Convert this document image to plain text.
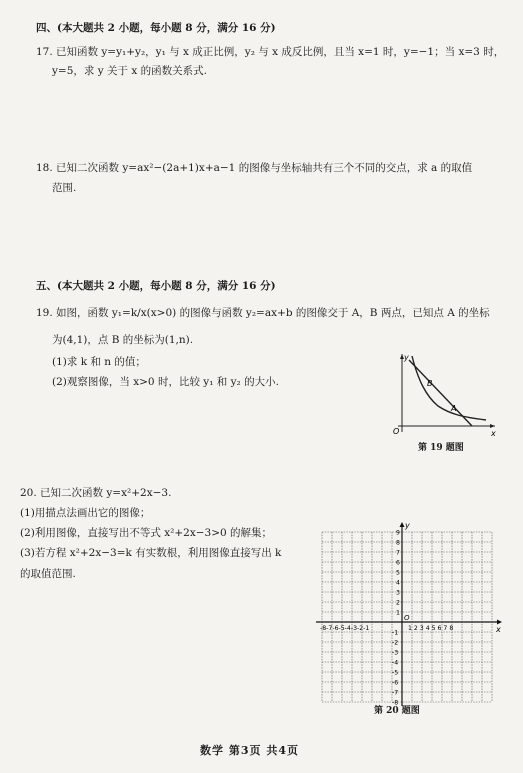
四、(本大题共 2 小题，每小题 8 分，满分 16 分)
17. 已知函数 y=y₁+y₂，y₁ 与 x 成正比例，y₂ 与 x 成反比例，且当 x=1 时，y=−1；当 x=3 时，
y=5，求 y 关于 x 的函数关系式.
18. 已知二次函数 y=ax²−(2a+1)x+a−1 的图像与坐标轴共有三个不同的交点，求 a 的取值
范围.
五、(本大题共 2 小题，每小题 8 分，满分 16 分)
19. 如图，函数 y₁=k/x(x>0) 的图像与函数 y₂=ax+b 的图像交于 A，B 两点，已知点 A 的坐标
为(4,1)，点 B 的坐标为(1,n).
(1)求 k 和 n 的值；
(2)观察图像，当 x>0 时，比较 y₁ 和 y₂ 的大小.
y
x
O
B
A
第 19 题图
20. 已知二次函数 y=x²+2x−3.
(1)用描点法画出它的图像；
(2)利用图像，直接写出不等式 x²+2x−3>0 的解集；
(3)若方程 x²+2x−3=k 有实数根，利用图像直接写出 k
的取值范围.
y
x
O
-8-7-6-5-4-3-2-1	1 2 3 4 5 6 7 8
9
8
7
6
5
4
3
2
1
-1
-2
-3
-4
-5
-6
-7
-8
第 20 题图
数学 第3页 共4页
